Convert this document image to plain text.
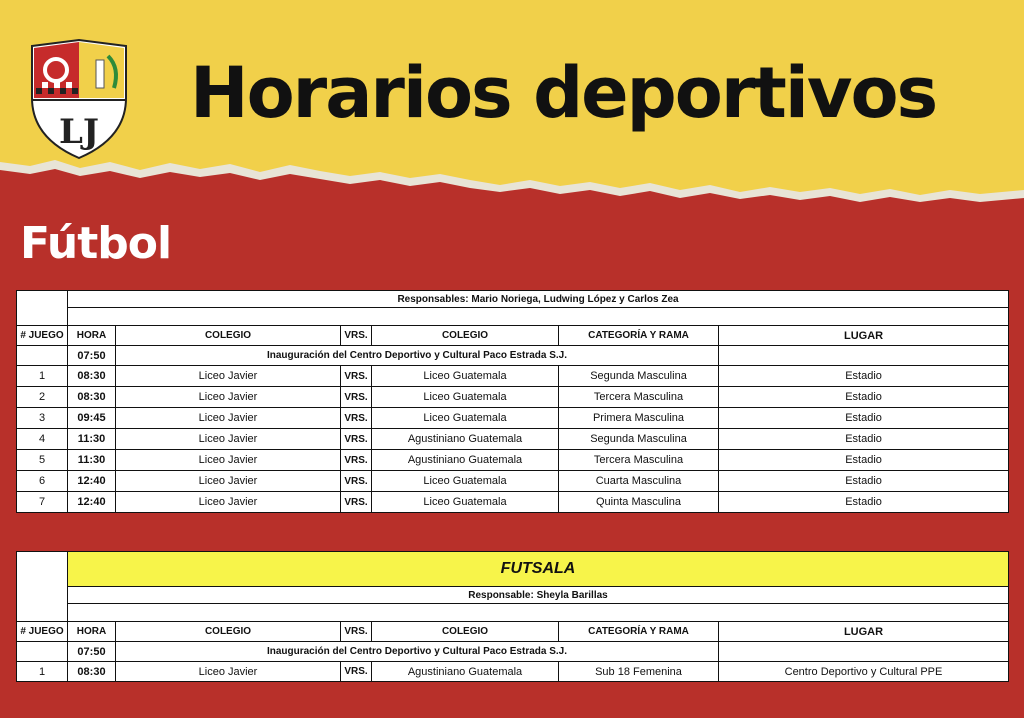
LJ Horarios deportivos
Fútbol
	Responsables: Mario Noriega, Ludwing López y Carlos Zea					

# JUEGO	HORA	COLEGIO	VRS.	COLEGIO	CATEGORÍA Y RAMA	LUGAR
	07:50	Inauguración del Centro Deportivo y Cultural Paco Estrada S.J.				
1	08:30	Liceo Javier	VRS.	Liceo Guatemala	Segunda Masculina	Estadio
2	08:30	Liceo Javier	VRS.	Liceo Guatemala	Tercera Masculina	Estadio
3	09:45	Liceo Javier	VRS.	Liceo Guatemala	Primera Masculina	Estadio
4	11:30	Liceo Javier	VRS.	Agustiniano Guatemala	Segunda Masculina	Estadio
5	11:30	Liceo Javier	VRS.	Agustiniano Guatemala	Tercera Masculina	Estadio
6	12:40	Liceo Javier	VRS.	Liceo Guatemala	Cuarta Masculina	Estadio
7	12:40	Liceo Javier	VRS.	Liceo Guatemala	Quinta Masculina	Estadio
	FUTSALA					
	Responsable: Sheyla Barillas					

# JUEGO	HORA	COLEGIO	VRS.	COLEGIO	CATEGORÍA Y RAMA	LUGAR
	07:50	Inauguración del Centro Deportivo y Cultural Paco Estrada S.J.				
1	08:30	Liceo Javier	VRS.	Agustiniano Guatemala	Sub 18 Femenina	Centro Deportivo y Cultural PPE
